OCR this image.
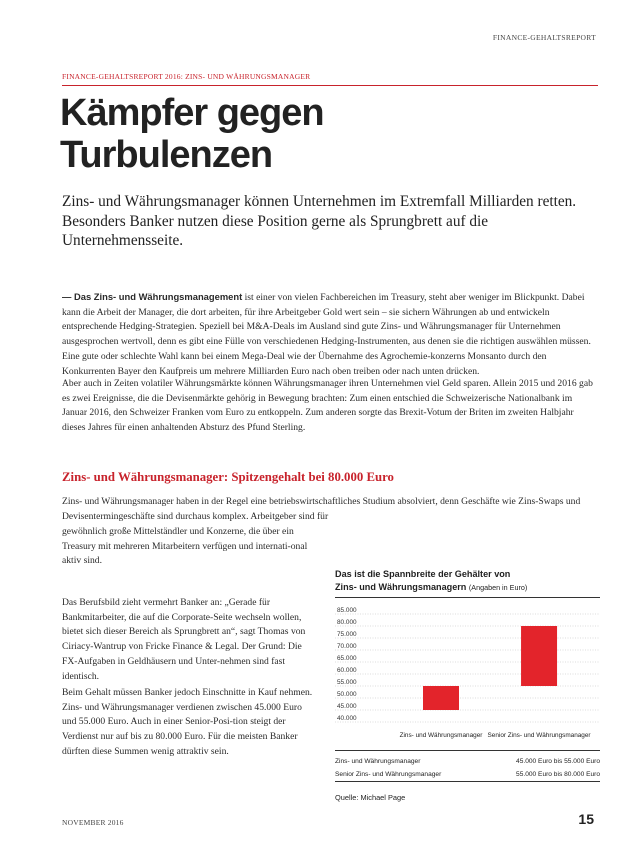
FINANCE-GEHALTSREPORT
FINANCE-GEHALTSREPORT 2016: ZINS- UND WÄHRUNGSMANAGER
Kämpfer gegen Turbulenzen

Zins- und Währungsmanager können Unternehmen im Extremfall Milliarden retten. Besonders Banker nutzen diese Position gerne als Sprungbrett auf die Unternehmensseite.

— Das Zins- und Währungsmanagement ist einer von vielen Fachbereichen im Treasury, steht aber weniger im Blickpunkt. Dabei kann die Arbeit der Manager, die dort arbeiten, für ihre Arbeitgeber Gold wert sein – sie sichern Währungen ab und entwickeln entsprechende Hedging-Strategien. Speziell bei M&A-Deals im Ausland sind gute Zins- und Währungsmanager für Unternehmen ausgesprochen wertvoll, denn es gibt eine Fülle von verschiedenen Hedging-Instrumenten, aus denen sie die richtigen auswählen müssen. Eine gute oder schlechte Wahl kann bei einem Mega-Deal wie der Übernahme des Agrochemie-konzerns Monsanto durch den Konkurrenten Bayer den Kaufpreis um mehrere Milliarden Euro nach oben treiben oder nach unten drücken.

Aber auch in Zeiten volatiler Währungsmärkte können Währungsmanager ihren Unternehmen viel Geld sparen. Allein 2015 und 2016 gab es zwei Ereignisse, die die Devisenmärkte gehörig in Bewegung brachten: Zum einen entschied die Schweizerische Nationalbank im Januar 2016, den Schweizer Franken vom Euro zu entkoppeln. Zum anderen sorgte das Brexit-Votum der Briten im zweiten Halbjahr dieses Jahres für einen anhaltenden Absturz des Pfund Sterling.

Zins- und Währungsmanager: Spitzengehalt bei 80.000 Euro

Zins- und Währungsmanager haben in der Regel eine betriebswirtschaftliches Studium absolviert, denn Geschäfte wie Zins-Swaps und Devisentermingeschäfte sind durchaus komplex. Arbeitgeber sind für

gewöhnlich große Mittelständler und Konzerne, die über ein Treasury mit mehreren Mitarbeitern verfügen und internati-onal aktiv sind.

Das Berufsbild zieht vermehrt Banker an: „Gerade für Bankmitarbeiter, die auf die Corporate-Seite wechseln wollen, bietet sich dieser Bereich als Sprungbrett an“, sagt Thomas von Ciriacy-Wantrup von Fricke Finance & Legal. Der Grund: Die FX-Aufgaben in Geldhäusern und Unter-nehmen sind fast identisch.

Beim Gehalt müssen Banker jedoch Einschnitte in Kauf nehmen. Zins- und Währungsmanager verdienen zwischen 45.000 Euro und 55.000 Euro. Auch in einer Senior-Posi-tion steigt der Verdienst nur auf bis zu 80.000 Euro. Für die meisten Banker dürften diese Summen wenig attraktiv sein.

Das ist die Spannbreite der Gehälter von
Zins- und Währungsmanagern (Angaben in Euro)
40.000
45.000
50.000
55.000
60.000
65.000
70.000
75.000
80.000
85.000
Zins- und Währungsmanager Senior Zins- und Währungsmanager
Zins- und Währungsmanager	45.000 Euro bis 55.000 Euro
Senior Zins- und Währungsmanager	55.000 Euro bis 80.000 Euro
Quelle: Michael Page
NOVEMBER 2016	15
